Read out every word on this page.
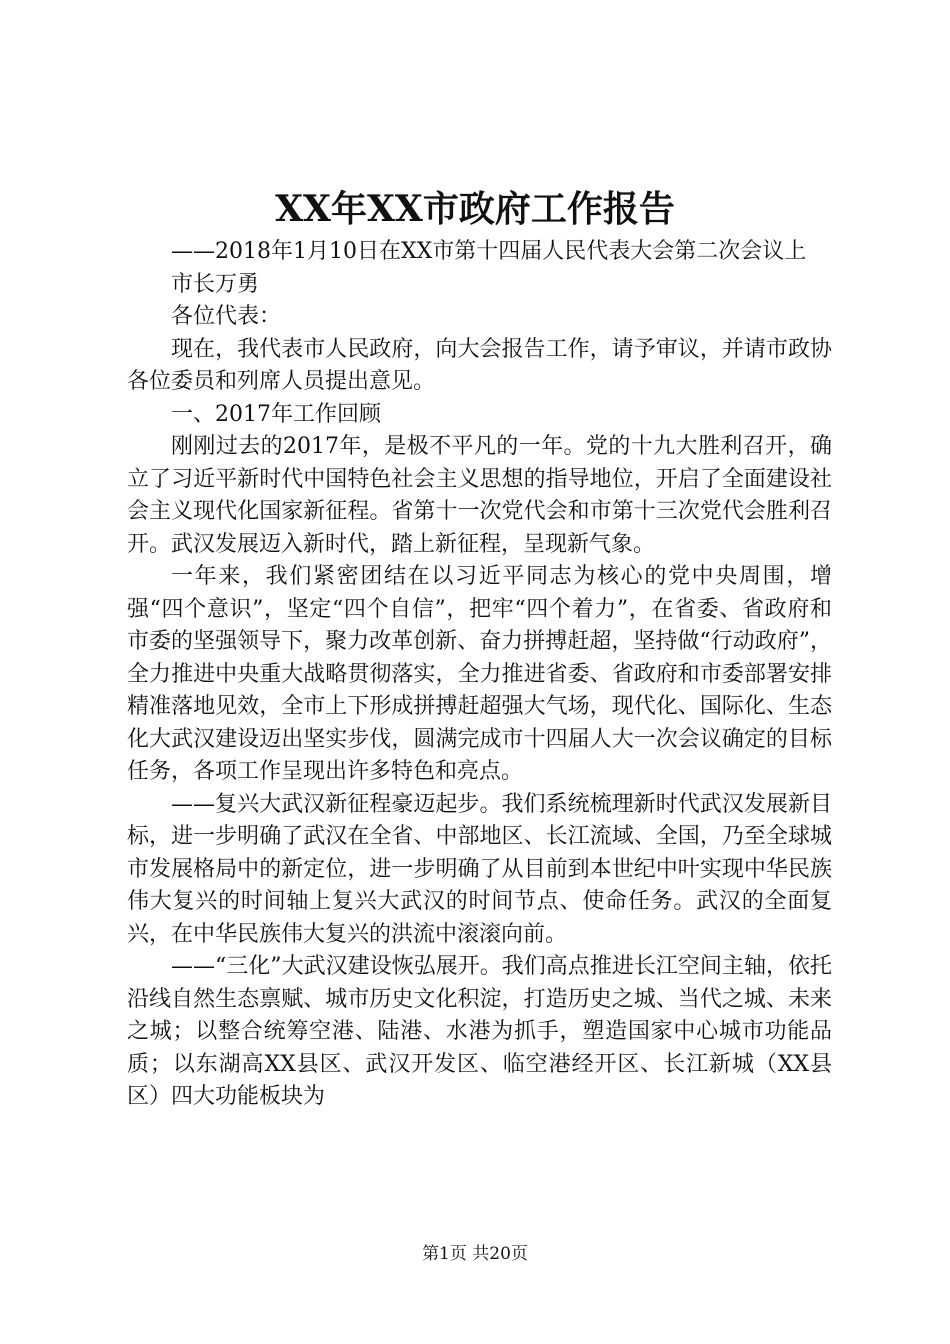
XX年XX市政府工作报告

——2018年1月10日在XX市第十四届人民代表大会第二次会议上

市长万勇

各位代表：

现在，我代表市人民政府，向大会报告工作，请予审议，并请市政协各位委员和列席人员提出意见。

一、2017年工作回顾

刚刚过去的2017年，是极不平凡的一年。党的十九大胜利召开，确立了习近平新时代中国特色社会主义思想的指导地位，开启了全面建设社会主义现代化国家新征程。省第十一次党代会和市第十三次党代会胜利召开。武汉发展迈入新时代，踏上新征程，呈现新气象。

一年来，我们紧密团结在以习近平同志为核心的党中央周围，增强“四个意识”，坚定“四个自信”，把牢“四个着力”，在省委、省政府和市委的坚强领导下，聚力改革创新、奋力拼搏赶超，坚持做“行动政府”，全力推进中央重大战略贯彻落实，全力推进省委、省政府和市委部署安排精准落地见效，全市上下形成拼搏赶超强大气场，现代化、国际化、生态化大武汉建设迈出坚实步伐，圆满完成市十四届人大一次会议确定的目标任务，各项工作呈现出许多特色和亮点。

——复兴大武汉新征程豪迈起步。我们系统梳理新时代武汉发展新目标，进一步明确了武汉在全省、中部地区、长江流域、全国，乃至全球城市发展格局中的新定位，进一步明确了从目前到本世纪中叶实现中华民族伟大复兴的时间轴上复兴大武汉的时间节点、使命任务。武汉的全面复兴，在中华民族伟大复兴的洪流中滚滚向前。

——“三化”大武汉建设恢弘展开。我们高点推进长江空间主轴，依托沿线自然生态禀赋、城市历史文化积淀，打造历史之城、当代之城、未来之城；以整合统筹空港、陆港、水港为抓手，塑造国家中心城市功能品质；以东湖高XX县区、武汉开发区、临空港经开区、长江新城（XX县区）四大功能板块为

第1页 共20页
